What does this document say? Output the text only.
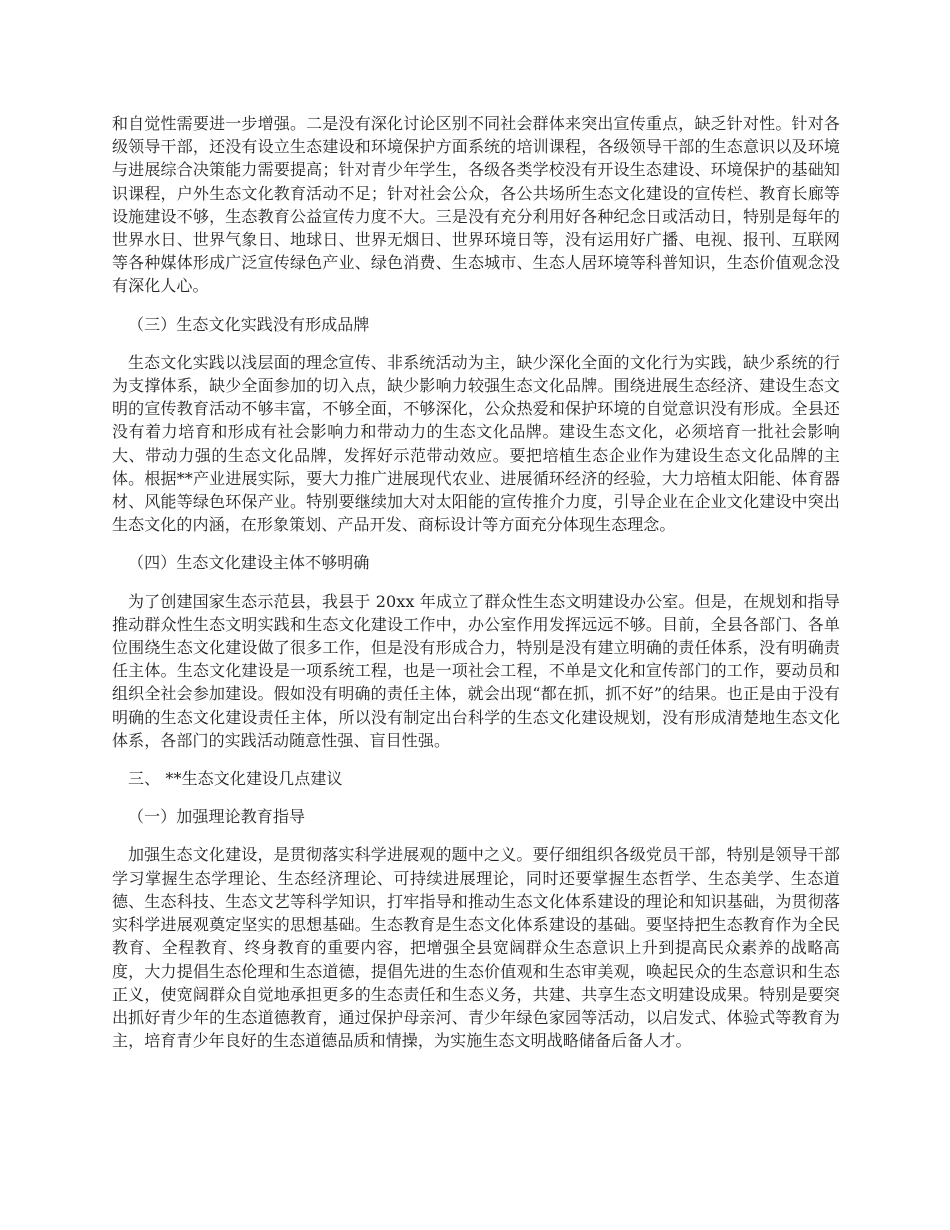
和自觉性需要进一步增强。二是没有深化讨论区别不同社会群体来突出宣传重点，缺乏针对性。针对各级领导干部，还没有设立生态建设和环境保护方面系统的培训课程，各级领导干部的生态意识以及环境与进展综合决策能力需要提高；针对青少年学生，各级各类学校没有开设生态建设、环境保护的基础知识课程，户外生态文化教育活动不足；针对社会公众，各公共场所生态文化建设的宣传栏、教育长廊等设施建设不够，生态教育公益宣传力度不大。三是没有充分利用好各种纪念日或活动日，特别是每年的世界水日、世界气象日、地球日、世界无烟日、世界环境日等，没有运用好广播、电视、报刊、互联网等各种媒体形成广泛宣传绿色产业、绿色消费、生态城市、生态人居环境等科普知识，生态价值观念没有深化人心。

（三）生态文化实践没有形成品牌

生态文化实践以浅层面的理念宣传、非系统活动为主，缺少深化全面的文化行为实践，缺少系统的行为支撑体系，缺少全面参加的切入点，缺少影响力较强生态文化品牌。围绕进展生态经济、建设生态文明的宣传教育活动不够丰富，不够全面，不够深化，公众热爱和保护环境的自觉意识没有形成。全县还没有着力培育和形成有社会影响力和带动力的生态文化品牌。建设生态文化，必须培育一批社会影响大、带动力强的生态文化品牌，发挥好示范带动效应。要把培植生态企业作为建设生态文化品牌的主体。根据**产业进展实际，要大力推广进展现代农业、进展循环经济的经验，大力培植太阳能、体育器材、风能等绿色环保产业。特别要继续加大对太阳能的宣传推介力度，引导企业在企业文化建设中突出生态文化的内涵，在形象策划、产品开发、商标设计等方面充分体现生态理念。

（四）生态文化建设主体不够明确

为了创建国家生态示范县，我县于 20xx 年成立了群众性生态文明建设办公室。但是，在规划和指导推动群众性生态文明实践和生态文化建设工作中，办公室作用发挥远远不够。目前，全县各部门、各单位围绕生态文化建设做了很多工作，但是没有形成合力，特别是没有建立明确的责任体系，没有明确责任主体。生态文化建设是一项系统工程，也是一项社会工程，不单是文化和宣传部门的工作，要动员和组织全社会参加建设。假如没有明确的责任主体，就会出现“都在抓，抓不好”的结果。也正是由于没有明确的生态文化建设责任主体，所以没有制定出台科学的生态文化建设规划，没有形成清楚地生态文化体系，各部门的实践活动随意性强、盲目性强。

三、 **生态文化建设几点建议

（一）加强理论教育指导

加强生态文化建设，是贯彻落实科学进展观的题中之义。要仔细组织各级党员干部，特别是领导干部学习掌握生态学理论、生态经济理论、可持续进展理论，同时还要掌握生态哲学、生态美学、生态道德、生态科技、生态文艺等科学知识，打牢指导和推动生态文化体系建设的理论和知识基础，为贯彻落实科学进展观奠定坚实的思想基础。生态教育是生态文化体系建设的基础。要坚持把生态教育作为全民教育、全程教育、终身教育的重要内容，把增强全县宽阔群众生态意识上升到提高民众素养的战略高度，大力提倡生态伦理和生态道德，提倡先进的生态价值观和生态审美观，唤起民众的生态意识和生态正义，使宽阔群众自觉地承担更多的生态责任和生态义务，共建、共享生态文明建设成果。特别是要突出抓好青少年的生态道德教育，通过保护母亲河、青少年绿色家园等活动，以启发式、体验式等教育为主，培育青少年良好的生态道德品质和情操，为实施生态文明战略储备后备人才。
